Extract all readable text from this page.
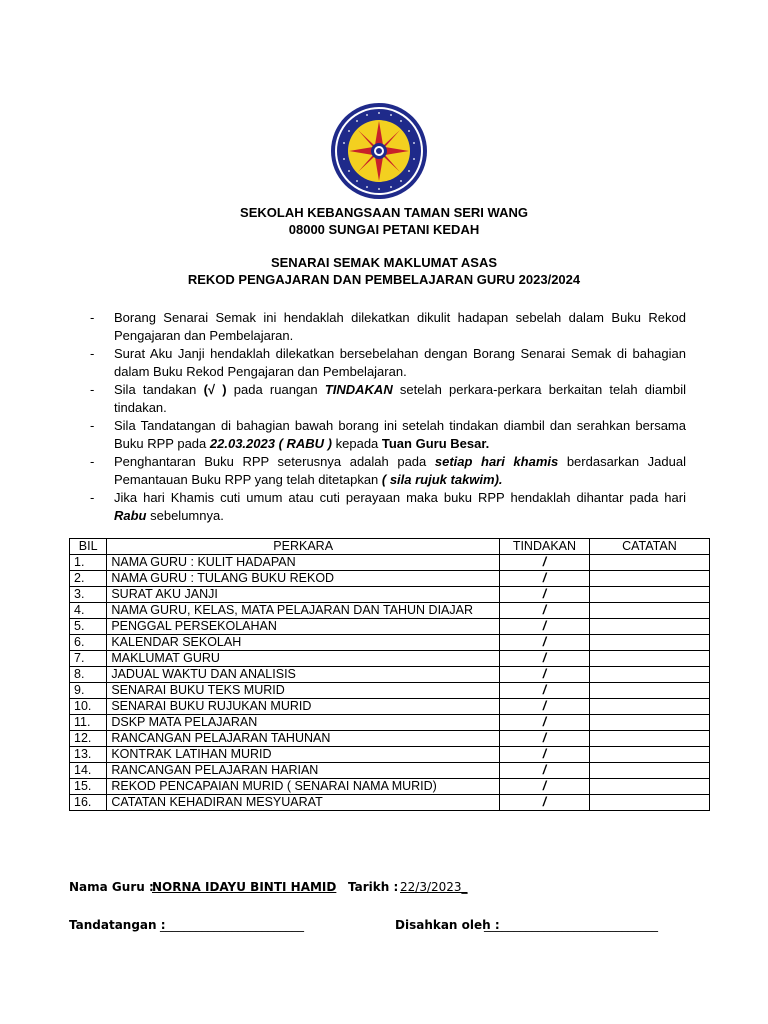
SEKOLAH KEBANGSAAN TAMAN SERI WANG
08000 SUNGAI PETANI KEDAH
SENARAI SEMAK MAKLUMAT ASAS
REKOD PENGAJARAN DAN PEMBELAJARAN GURU 2023/2024
- Borang Senarai Semak ini hendaklah dilekatkan dikulit hadapan sebelah dalam Buku Rekod Pengajaran dan Pembelajaran.
- Surat Aku Janji hendaklah dilekatkan bersebelahan dengan Borang Senarai Semak di bahagian dalam Buku Rekod Pengajaran dan Pembelajaran.
- Sila tandakan (√ ) pada ruangan TINDAKAN setelah perkara-perkara berkaitan telah diambil tindakan.
- Sila Tandatangan di bahagian bawah borang ini setelah tindakan diambil dan serahkan bersama Buku RPP pada 22.03.2023 ( RABU ) kepada Tuan Guru Besar.
- Penghantaran Buku RPP seterusnya adalah pada setiap hari khamis berdasarkan Jadual Pemantauan Buku RPP yang telah ditetapkan ( sila rujuk takwim).
- Jika hari Khamis cuti umum atau cuti perayaan maka buku RPP hendaklah dihantar pada hari Rabu sebelumnya.
BIL	PERKARA	TINDAKAN	CATATAN
1.	NAMA GURU : KULIT HADAPAN	/	
2.	NAMA GURU : TULANG BUKU REKOD	/	
3.	SURAT AKU JANJI	/	
4.	NAMA GURU, KELAS, MATA PELAJARAN DAN TAHUN DIAJAR	/	
5.	PENGGAL PERSEKOLAHAN	/	
6.	KALENDAR SEKOLAH	/	
7.	MAKLUMAT GURU	/	
8.	JADUAL WAKTU DAN ANALISIS	/	
9.	SENARAI BUKU TEKS MURID	/	
10.	SENARAI BUKU RUJUKAN MURID	/	
11.	DSKP MATA PELAJARAN	/	
12.	RANCANGAN PELAJARAN TAHUNAN	/	
13.	KONTRAK LATIHAN MURID	/	
14.	RANCANGAN PELAJARAN HARIAN	/	
15.	REKOD PENCAPAIAN MURID ( SENARAI NAMA MURID)	/	
16.	CATATAN KEHADIRAN MESYUARAT	/	
Nama Guru :
NORNA IDAYU BINTI HAMID Tarikh : 22/3/2023_
Tandatangan :
________________________	Disahkan oleh :
_____________________________
